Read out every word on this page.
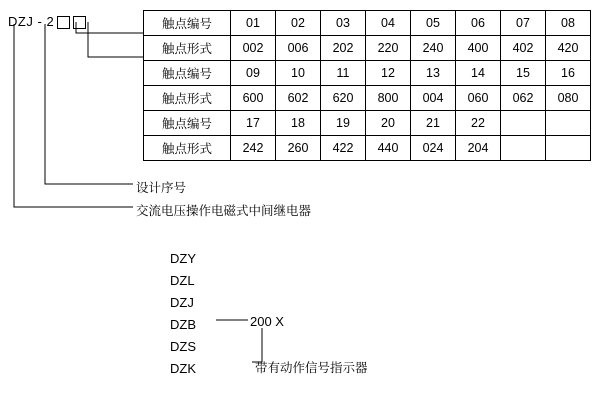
DZJ - 2	触点编号	01	02	03	04	05	06	07	08
触点形式	002	006	202	220	240	400	402	420
触点编号	09	10	11	12	13	14	15	16
触点形式	600	602	620	800	004	060	062	080
触点编号	17	18	19	20	21	22		
触点形式	242	260	422	440	024	204		
设计序号
交流电压操作电磁式中间继电器
DZY
DZL
DZJ
DZB
DZS
DZK
200 X
带有动作信号指示器
